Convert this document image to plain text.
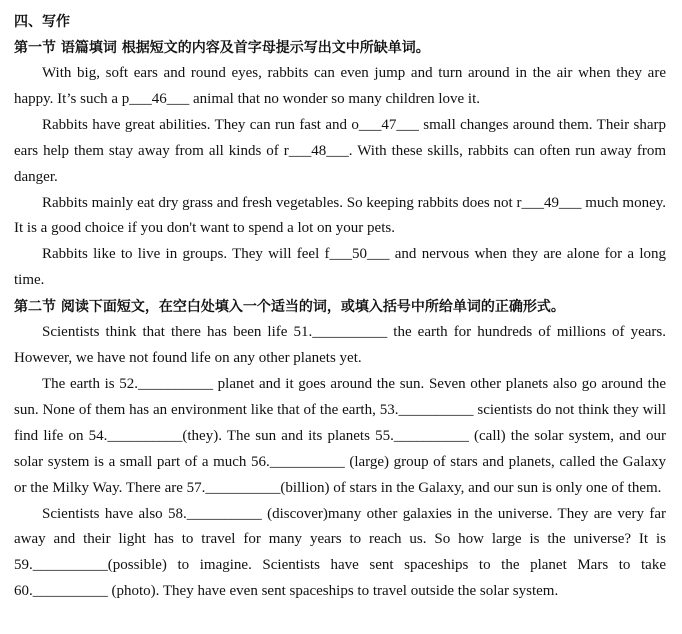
四、写作
第一节 语篇填词 根据短文的内容及首字母提示写出文中所缺单词。

With big, soft ears and round eyes, rabbits can even jump and turn around in the air when they are happy. It’s such a p___46___ animal that no wonder so many children love it.

Rabbits have great abilities. They can run fast and o___47___ small changes around them. Their sharp ears help them stay away from all kinds of r___48___. With these skills, rabbits can often run away from danger.

Rabbits mainly eat dry grass and fresh vegetables. So keeping rabbits does not r___49___ much money. It is a good choice if you don't want to spend a lot on your pets.

Rabbits like to live in groups. They will feel f___50___ and nervous when they are alone for a long time.

第二节 阅读下面短文，在空白处填入一个适当的词，或填入括号中所给单词的正确形式。

Scientists think that there has been life 51.__________ the earth for hundreds of millions of years. However, we have not found life on any other planets yet.

The earth is 52.__________ planet and it goes around the sun. Seven other planets also go around the sun. None of them has an environment like that of the earth, 53.__________ scientists do not think they will find life on 54.__________(they). The sun and its planets 55.__________ (call) the solar system, and our solar system is a small part of a much 56.__________ (large) group of stars and planets, called the Galaxy or the Milky Way. There are 57.__________(billion) of stars in the Galaxy, and our sun is only one of them.

Scientists have also 58.__________ (discover)many other galaxies in the universe. They are very far away and their light has to travel for many years to reach us. So how large is the universe? It is 59.__________(possible) to imagine. Scientists have sent spaceships to the planet Mars to take 60.__________ (photo). They have even sent spaceships to travel outside the solar system.
